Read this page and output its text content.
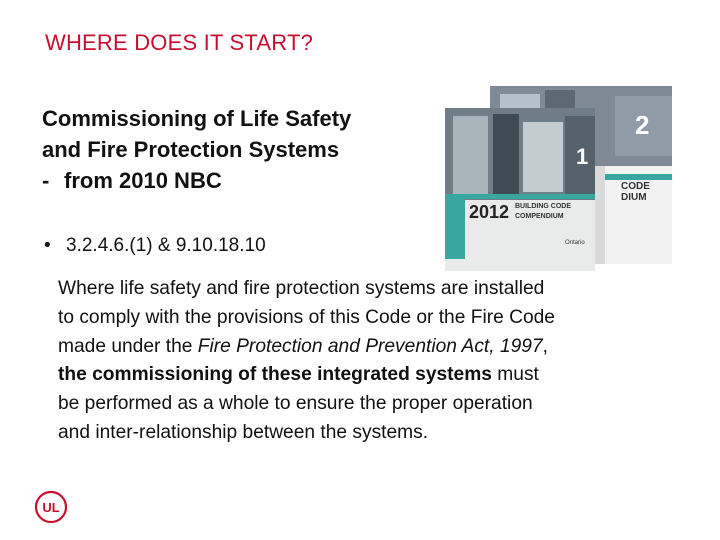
WHERE DOES IT START?
Commissioning of Life Safety
and Fire Protection Systems
- from 2010 NBC
• 3.2.4.6.(1) & 9.10.18.10
Where life safety and fire protection systems are installed
to comply with the provisions of this Code or the Fire Code
made under the Fire Protection and Prevention Act, 1997,
the commissioning of these integrated systems must
be performed as a whole to ensure the proper operation
and inter-relationship between the systems.
2
CODE
DIUM
1
2012 BUILDING CODE
COMPENDIUM
Ontario
UL
